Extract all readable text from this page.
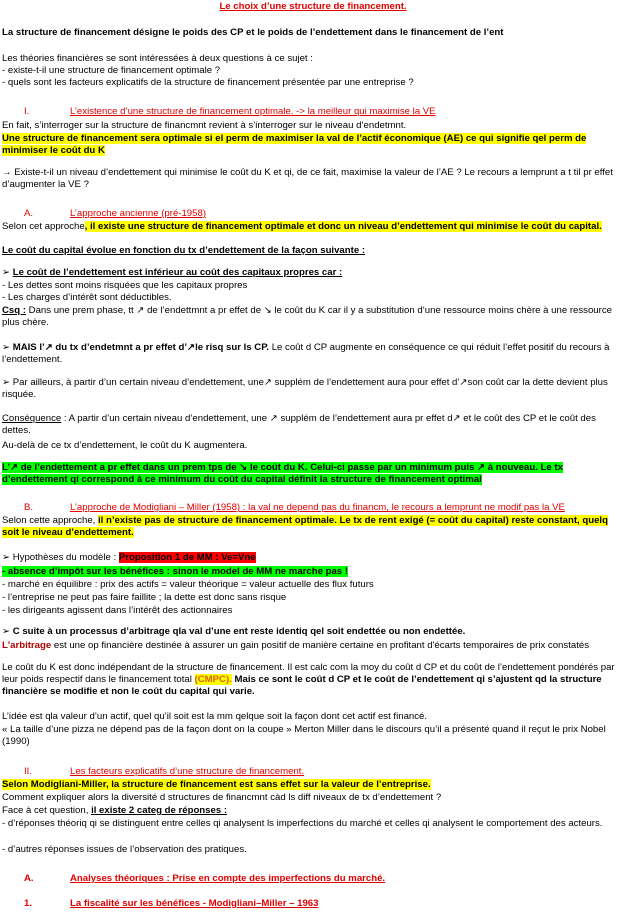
Le choix d’une structure de financement.

La structure de financement désigne le poids des CP et le poids de l’endettement dans le financement de l’ent

Les théories financières se sont intéressées à deux questions à ce sujet :

- existe-t-il une structure de financement optimale ?

- quels sont les facteurs explicatifs de la structure de financement présentée par une entreprise ?

I.	L’existence d’une structure de financement optimale. -> la meilleur qui maximise la VE

En fait, s’interroger sur la structure de financmnt revient à s’interroger sur le niveau d’endetmnt.

Une structure de financement sera optimale si el perm de maximiser la val de l’actif économique (AE) ce qui signifie qel perm de minimiser le coût du K

→ Existe-t-il un niveau d’endettement qui minimise le coût du K et qi, de ce fait, maximise la valeur de l’AE ? Le recours a lemprunt a t til pr effet d’augmenter la VE ?

A.	L’approche ancienne (pré-1958)

Selon cet approche, il existe une structure de financement optimale et donc un niveau d’endettement qui minimise le coût du capital.

Le coût du capital évolue en fonction du tx d’endettement de la façon suivante :

➢ Le coût de l’endettement est inférieur au coût des capitaux propres car :

- Les dettes sont moins risquées que les capitaux propres

- Les charges d’intérêt sont déductibles.

Csq : Dans une prem phase, tt ↗ de l’endettmnt a pr effet de ↘ le coût du K car il y a substitution d’une ressource moins chère à une ressource plus chère.

➢ MAIS l’↗ du tx d’endetmnt a pr effet d’↗le risq sur ls CP. Le coût d CP augmente en conséquence ce qui réduit l’effet positif du recours à l’endettement.

➢ Par ailleurs, à partir d’un certain niveau d’endettement, une↗ supplém de l’endettement aura pour effet d’↗son coût car la dette devient plus risquée.

Conséquence : A partir d’un certain niveau d’endettement, une ↗ supplém de l’endettement aura pr effet d↗ et le coût des CP et le coût des dettes.

Au-delà de ce tx d’endettement, le coût du K augmentera.

L’↗ de l’endettement a pr effet dans un prem tps de ↘ le coût du K. Celui-ci passe par un minimum puis ↗ à nouveau. Le tx d’endettement qi correspond à ce minimum du coût du capital définit la structure de financement optimal

B.	L’approche de Modigliani – Miller (1958) : la val ne depend pas du financm, le recours a lemprunt ne modif pas la VE

Selon cette approche, il n’existe pas de structure de financement optimale. Le tx de rent exigé (= coût du capital) reste constant, quelq soit le niveau d’endettement.

➢ Hypothèses du modèle : Proposition 1 de MM : Ve=Vne

- absence d’impôt sur les bénéfices : sinon le model de MM ne marche pas !

- marché en équilibre : prix des actifs = valeur théorique = valeur actuelle des flux futurs

- l’entreprise ne peut pas faire faillite ; la dette est donc sans risque

- les dirigeants agissent dans l’intérêt des actionnaires

➢ C suite à un processus d’arbitrage qla val d’une ent reste identiq qel soit endettée ou non endettée.

L'arbitrage est une op financière destinée à assurer un gain positif de manière certaine en profitant d'écarts temporaires de prix constatés

Le coût du K est donc indépendant de la structure de financement. Il est calc com la moy du coût d CP et du coût de l’endettement pondérés par leur poids respectif dans le financement total (CMPC). Mais ce sont le coût d CP et le coût de l’endettement qi s’ajustent qd la structure financière se modifie et non le coût du capital qui varie.

L’idée est qla valeur d’un actif, quel qu’il soit est la mm qelque soit la façon dont cet actif est financé.

« La taille d’une pizza ne dépend pas de la façon dont on la coupe » Merton Miller dans le discours qu’il a présenté quand il reçut le prix Nobel (1990)

II.	Les facteurs explicatifs d’une structure de financement.

Selon Modigliani-Miller, la structure de financement est sans effet sur la valeur de l’entreprise.

Comment expliquer alors la diversité d structures de financmnt càd ls diff niveaux de tx d’endettement ?

Face à cet question, il existe 2 categ de réponses :

- d’réponses théoriq qi se distinguent entre celles qi analysent ls imperfections du marché et celles qi analysent le comportement des acteurs.

- d’autres réponses issues de l’observation des pratiques.

A.	Analyses théoriques : Prise en compte des imperfections du marché.

1.	La fiscalité sur les bénéfices - Modigliani–Miller – 1963
